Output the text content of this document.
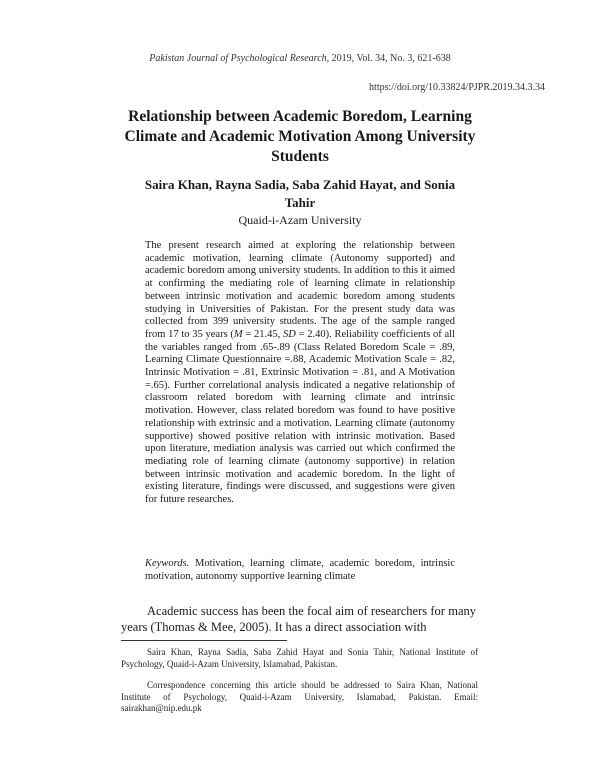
Pakistan Journal of Psychological Research, 2019, Vol. 34, No. 3, 621-638
https://doi.org/10.33824/PJPR.2019.34.3.34
Relationship between Academic Boredom, Learning Climate and Academic Motivation Among University Students
Saira Khan, Rayna Sadia, Saba Zahid Hayat, and Sonia Tahir
Quaid-i-Azam University

The present research aimed at exploring the relationship between academic motivation, learning climate (Autonomy supported) and academic boredom among university students. In addition to this it aimed at confirming the mediating role of learning climate in relationship between intrinsic motivation and academic boredom among students studying in Universities of Pakistan. For the present study data was collected from 399 university students. The age of the sample ranged from 17 to 35 years (M = 21.45, SD = 2.40). Reliability coefficients of all the variables ranged from .65-.89 (Class Related Boredom Scale = .89, Learning Climate Questionnaire =.88, Academic Motivation Scale = .82, Intrinsic Motivation = .81, Extrinsic Motivation = .81, and A Motivation =.65). Further correlational analysis indicated a negative relationship of classroom related boredom with learning climate and intrinsic motivation. However, class related boredom was found to have positive relationship with extrinsic and a motivation. Learning climate (autonomy supportive) showed positive relation with intrinsic motivation. Based upon literature, mediation analysis was carried out which confirmed the mediating role of learning climate (autonomy supportive) in relation between intrinsic motivation and academic boredom. In the light of existing literature, findings were discussed, and suggestions were given for future researches.

Keywords. Motivation, learning climate, academic boredom, intrinsic motivation, autonomy supportive learning climate

Academic success has been the focal aim of researchers for many years (Thomas & Mee, 2005). It has a direct association with

Saira Khan, Rayna Sadia, Saba Zahid Hayat and Sonia Tahir, National Institute of Psychology, Quaid-i-Azam University, Islamabad, Pakistan.

Correspondence concerning this article should be addressed to Saira Khan, National Institute of Psychology, Quaid-i-Azam University, Islamabad, Pakistan. Email: sairakhan@nip.edu.pk
